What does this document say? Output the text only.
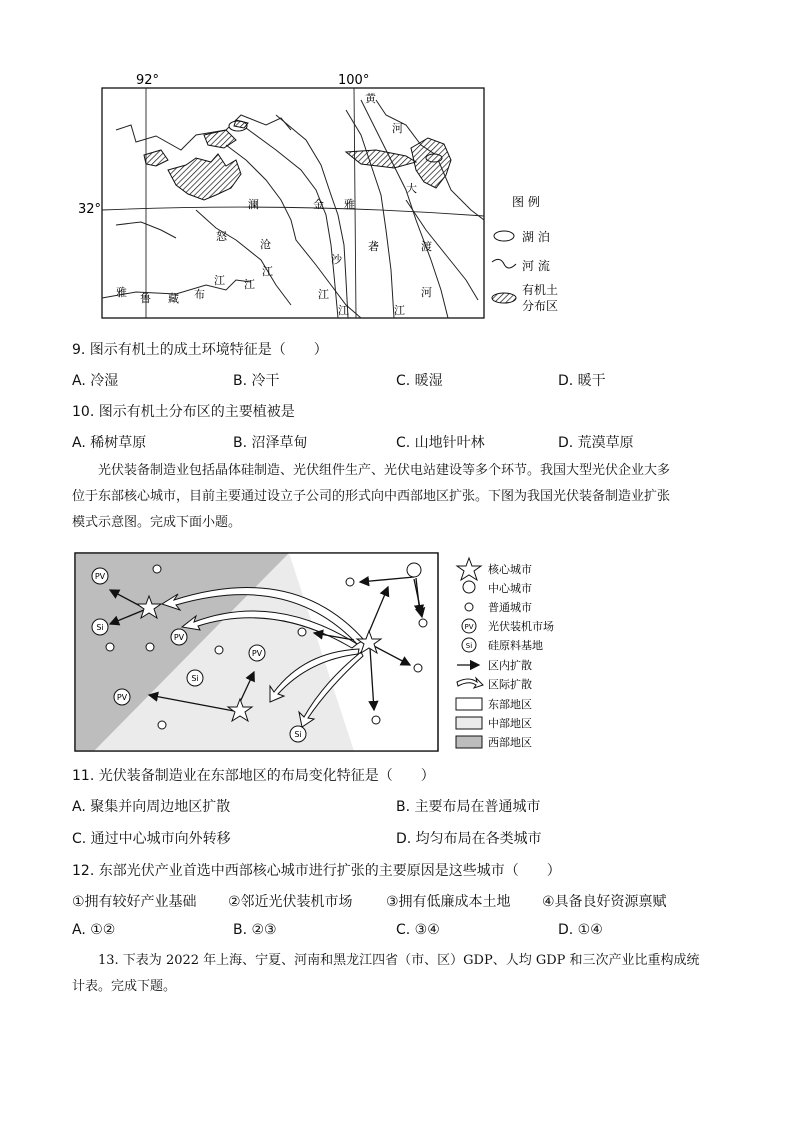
92°	100°
32°
黄
河
大
澜	金 雅
怒
沧
沙
砻	渡
江
江
江	江
河
江
雅 鲁 藏 布
江
图 例
湖 泊
河 流
有机土
分布区
9. 图示有机土的成土环境特征是（　　）
A. 冷湿	B. 冷干	C. 暖湿	D. 暖干
10. 图示有机土分布区的主要植被是
A. 稀树草原	B. 沼泽草甸	C. 山地针叶林	D. 荒漠草原
光伏装备制造业包括晶体硅制造、光伏组件生产、光伏电站建设等多个环节。我国大型光伏企业大多
位于东部核心城市，目前主要通过设立子公司的形式向中西部地区扩张。下图为我国光伏装备制造业扩张
模式示意图。完成下面小题。
PV
PV
PV
PV
Si
Si
Si
核心城市
中心城市
普通城市
PV 光伏装机市场
Si 硅原料基地
区内扩散
区际扩散
东部地区
中部地区
西部地区
11. 光伏装备制造业在东部地区的布局变化特征是（　　）
A. 聚集并向周边地区扩散	B. 主要布局在普通城市
C. 通过中心城市向外转移	D. 均匀布局在各类城市
12. 东部光伏产业首选中西部核心城市进行扩张的主要原因是这些城市（　　）
①拥有较好产业基础 ②邻近光伏装机市场 ③拥有低廉成本土地 ④具备良好资源禀赋
A. ①②	B. ②③	C. ③④	D. ①④
13. 下表为 2022 年上海、宁夏、河南和黑龙江四省（市、区）GDP、人均 GDP 和三次产业比重构成统
计表。完成下题。
